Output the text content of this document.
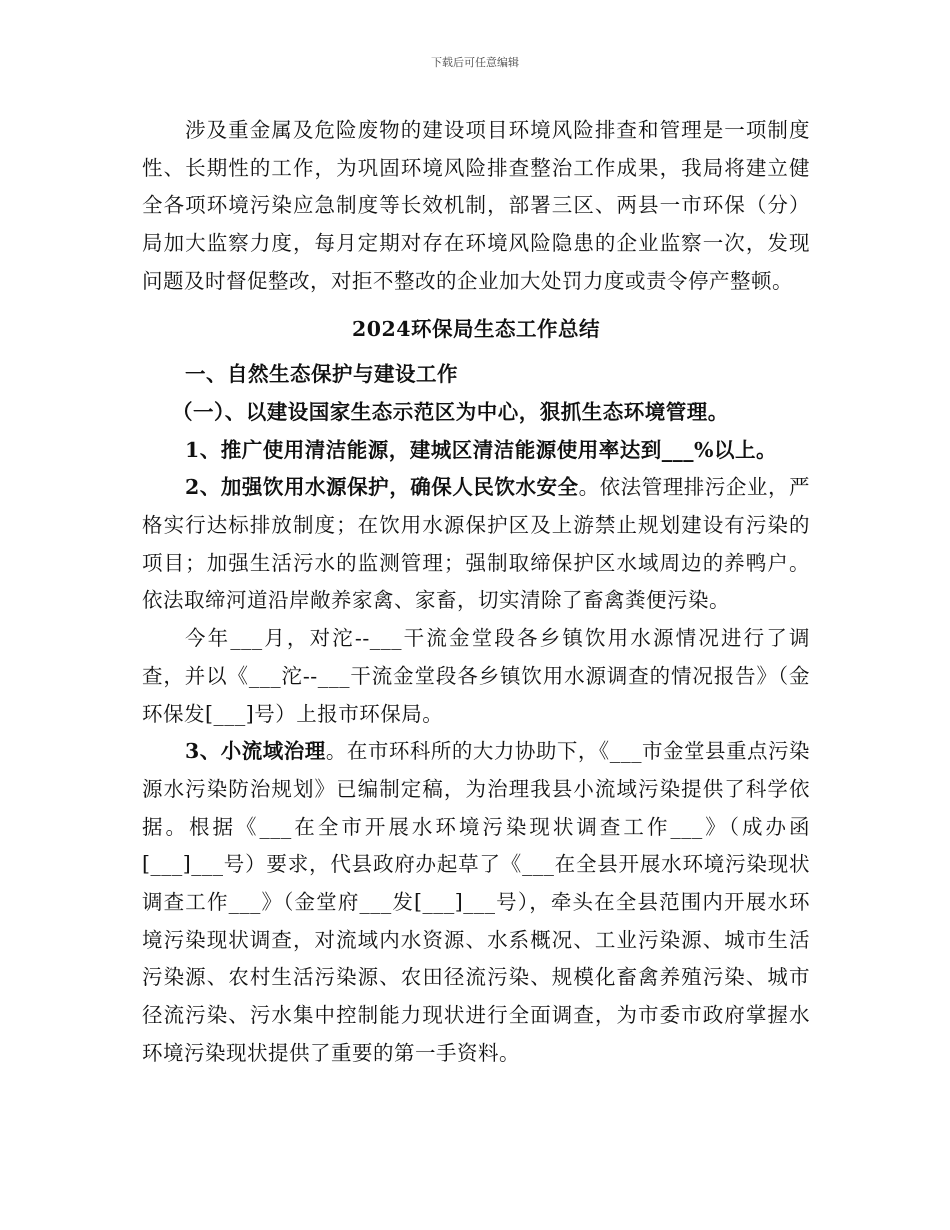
下载后可任意编辑

涉及重金属及危险废物的建设项目环境风险排查和管理是一项制度性、长期性的工作，为巩固环境风险排查整治工作成果，我局将建立健全各项环境污染应急制度等长效机制，部署三区、两县一市环保（分）局加大监察力度，每月定期对存在环境风险隐患的企业监察一次，发现问题及时督促整改，对拒不整改的企业加大处罚力度或责令停产整顿。

2024环保局生态工作总结

一、自然生态保护与建设工作

（一）、以建设国家生态示范区为中心，狠抓生态环境管理。

1、推广使用清洁能源，建城区清洁能源使用率达到___%以上。

2、加强饮用水源保护，确保人民饮水安全。依法管理排污企业，严格实行达标排放制度；在饮用水源保护区及上游禁止规划建设有污染的项目；加强生活污水的监测管理；强制取缔保护区水域周边的养鸭户。依法取缔河道沿岸敞养家禽、家畜，切实清除了畜禽粪便污染。

今年___月，对沱--___干流金堂段各乡镇饮用水源情况进行了调查，并以《___沱--___干流金堂段各乡镇饮用水源调查的情况报告》（金环保发[___]号）上报市环保局。

3、小流域治理。在市环科所的大力协助下，《___市金堂县重点污染源水污染防治规划》已编制定稿，为治理我县小流域污染提供了科学依据。根据《___在全市开展水环境污染现状调查工作___》（成办函[___]___号）要求，代县政府办起草了《___在全县开展水环境污染现状调查工作___》（金堂府___发[___]___号），牵头在全县范围内开展水环境污染现状调查，对流域内水资源、水系概况、工业污染源、城市生活污染源、农村生活污染源、农田径流污染、规模化畜禽养殖污染、城市径流污染、污水集中控制能力现状进行全面调查，为市委市政府掌握水环境污染现状提供了重要的第一手资料。
